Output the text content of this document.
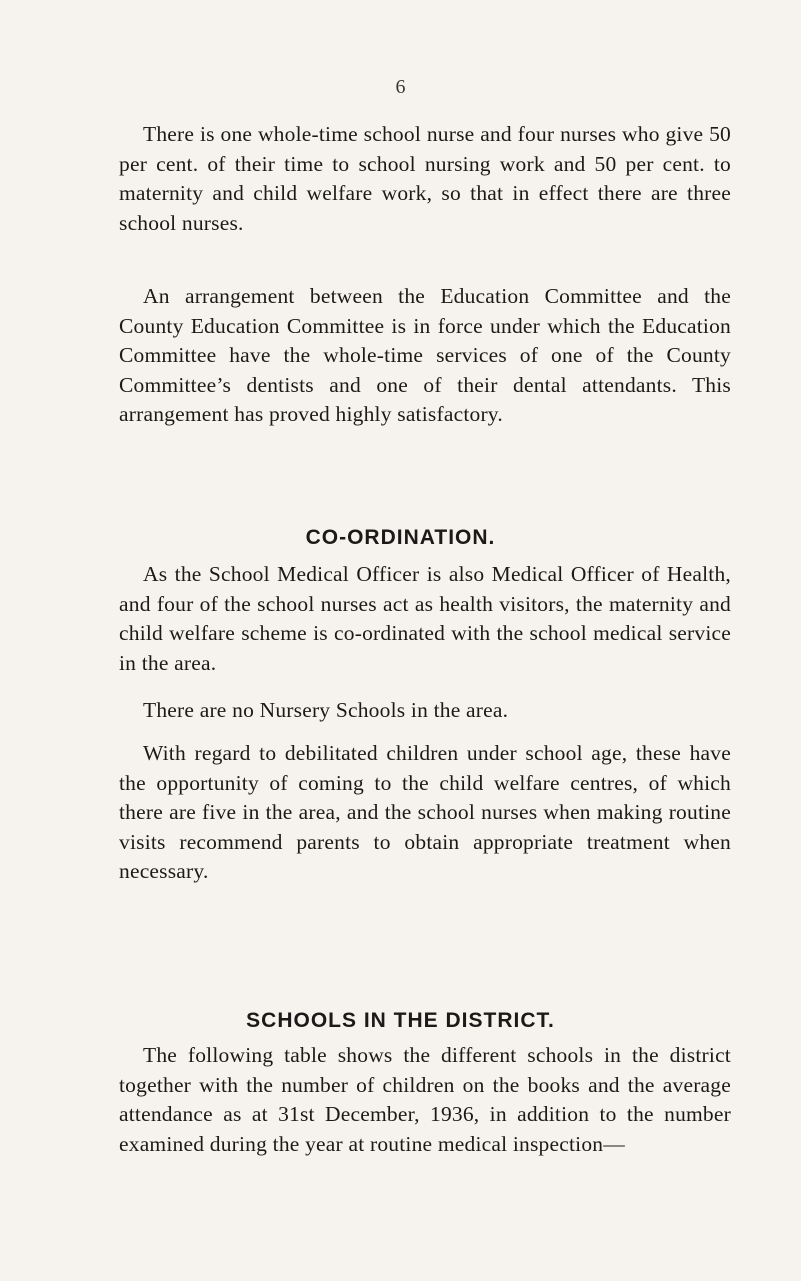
6

There is one whole-time school nurse and four nurses who give 50 per cent. of their time to school nursing work and 50 per cent. to maternity and child welfare work, so that in effect there are three school nurses.

An arrangement between the Education Committee and the County Education Committee is in force under which the Education Committee have the whole-time services of one of the County Committee’s dentists and one of their dental attendants. This arrangement has proved highly satisfactory.

CO-ORDINATION.

As the School Medical Officer is also Medical Officer of Health, and four of the school nurses act as health visitors, the maternity and child welfare scheme is co-ordinated with the school medical service in the area.

There are no Nursery Schools in the area.

With regard to debilitated children under school age, these have the opportunity of coming to the child welfare centres, of which there are five in the area, and the school nurses when making routine visits recommend parents to obtain appropriate treatment when necessary.

SCHOOLS IN THE DISTRICT.

The following table shows the different schools in the district together with the number of children on the books and the average attendance as at 31st December, 1936, in addition to the number examined during the year at routine medical inspection—
